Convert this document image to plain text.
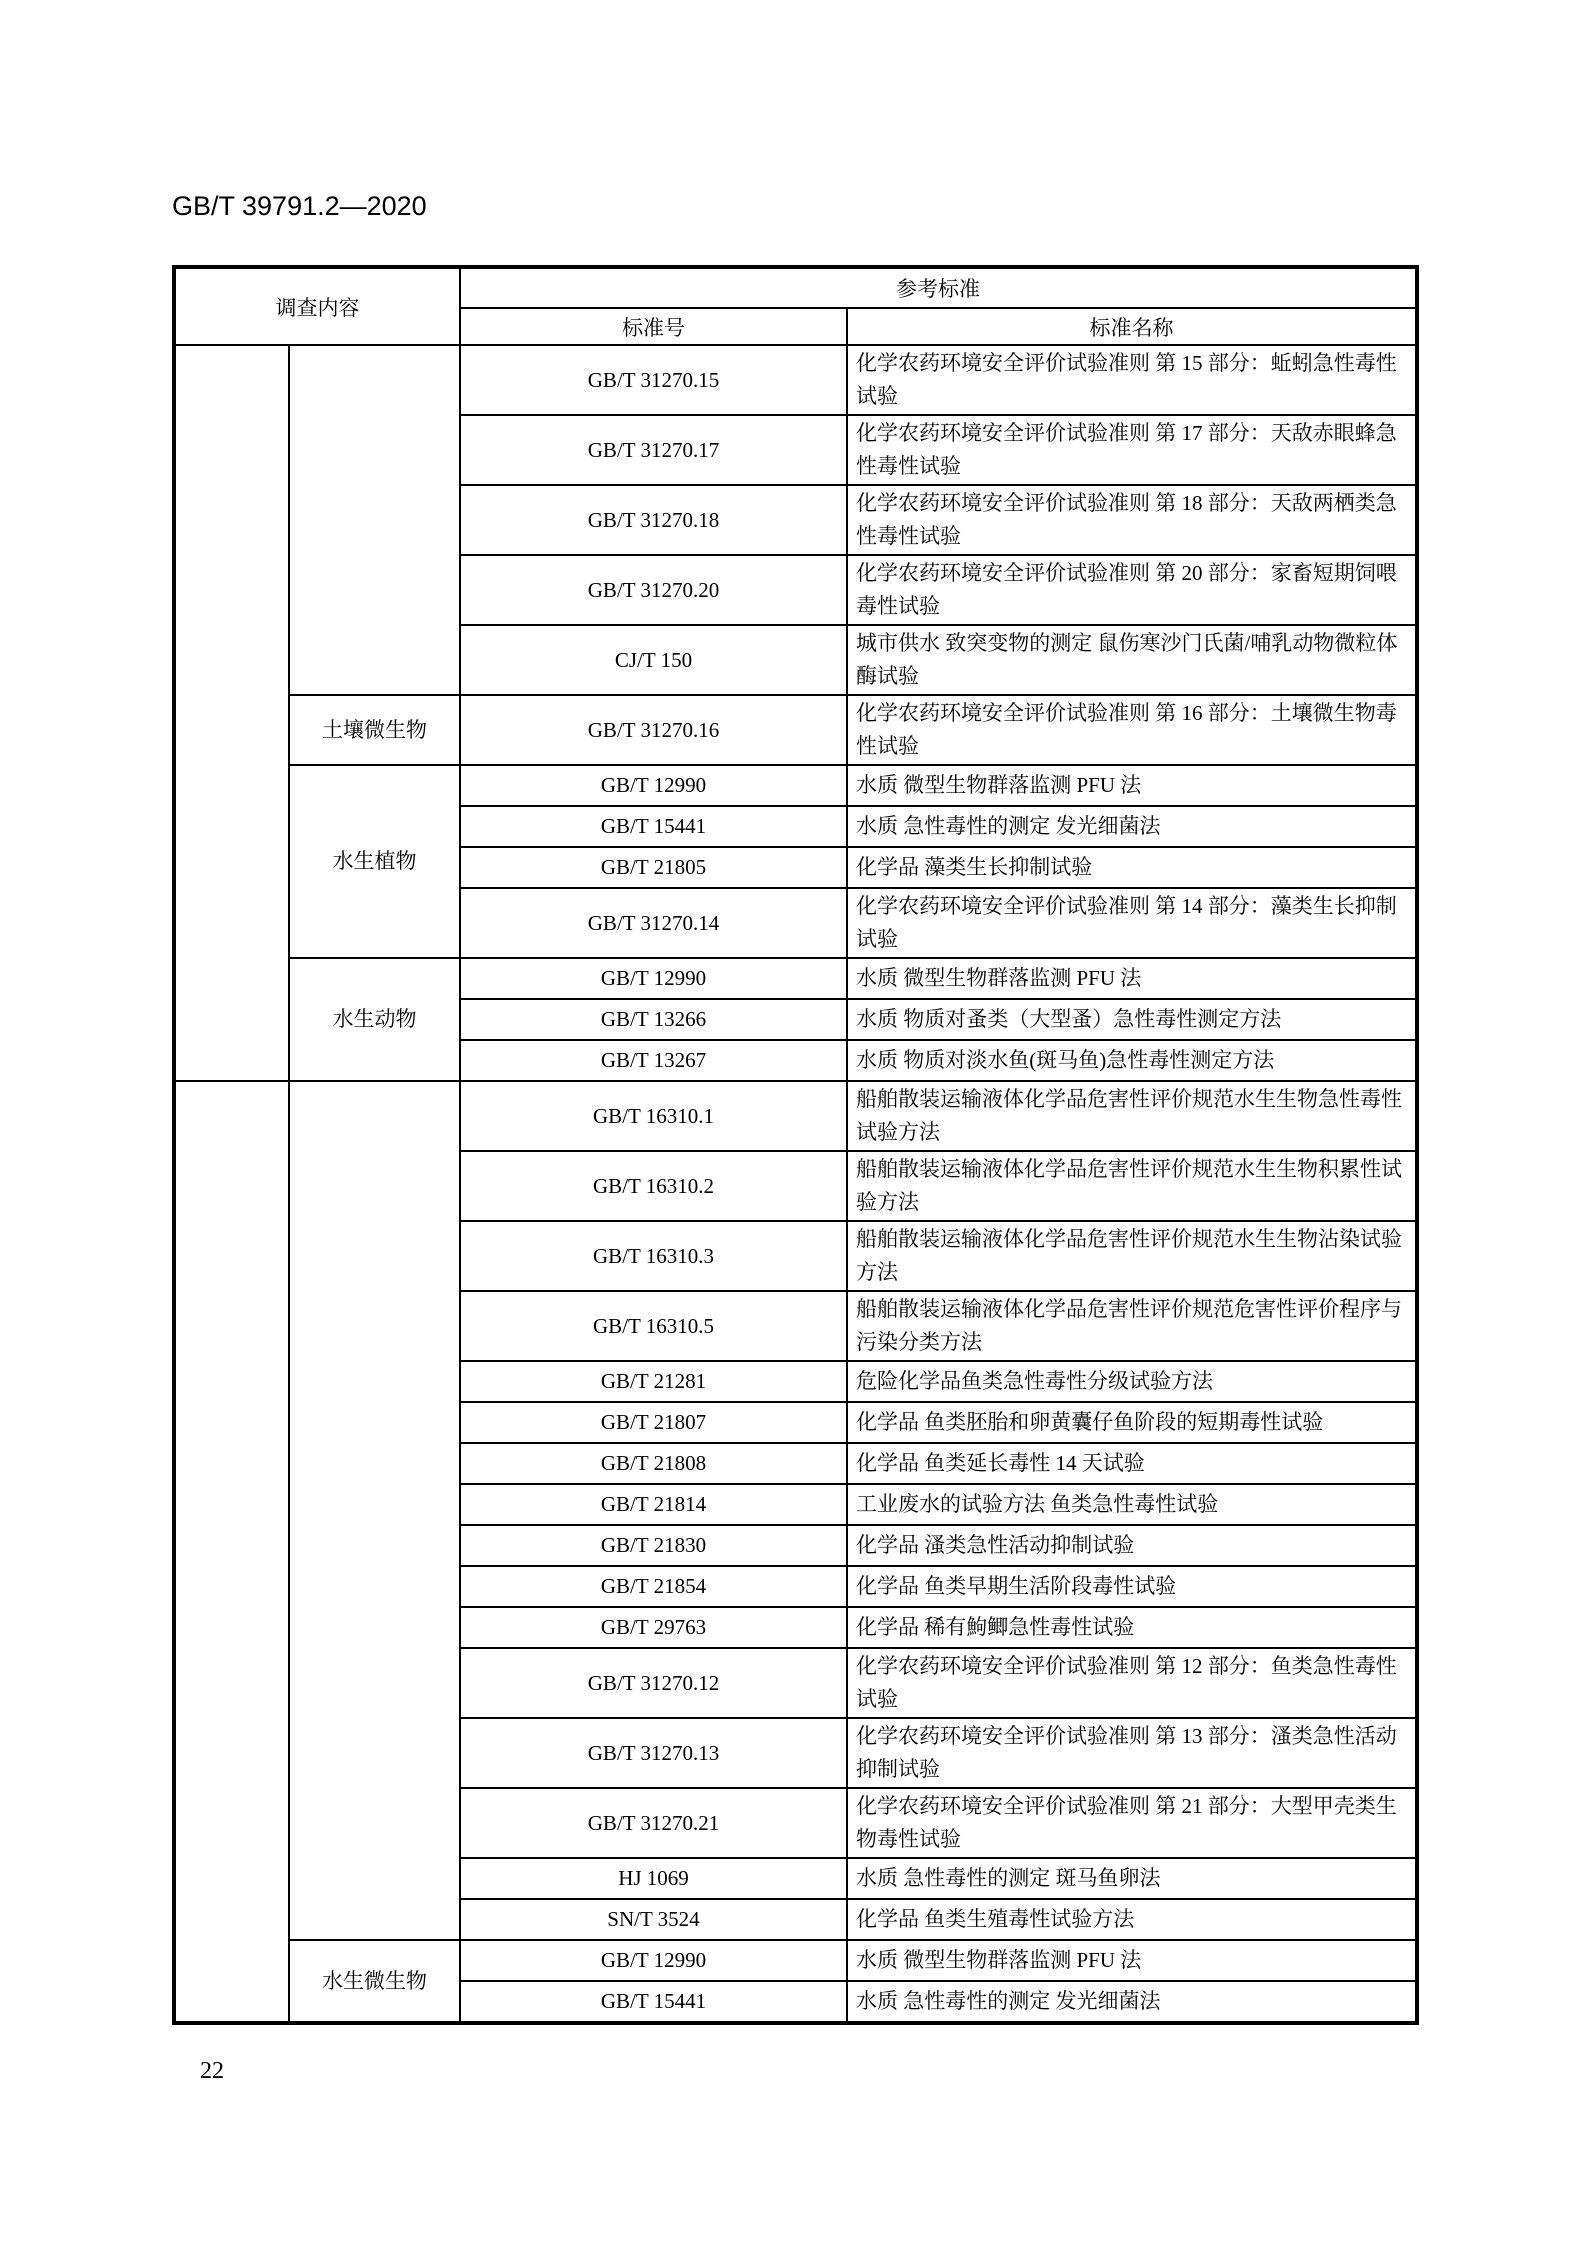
GB/T 39791.2—2020
调查内容		参考标准	
		标准号	标准名称
		GB/T 31270.15	化学农药环境安全评价试验准则 第 15 部分：蚯蚓急性毒性试验
		GB/T 31270.17	化学农药环境安全评价试验准则 第 17 部分：天敌赤眼蜂急性毒性试验
		GB/T 31270.18	化学农药环境安全评价试验准则 第 18 部分：天敌两栖类急性毒性试验
		GB/T 31270.20	化学农药环境安全评价试验准则 第 20 部分：家畜短期饲喂毒性试验
		CJ/T 150	城市供水 致突变物的测定 鼠伤寒沙门氏菌/哺乳动物微粒体酶试验
	土壤微生物	GB/T 31270.16	化学农药环境安全评价试验准则 第 16 部分：土壤微生物毒性试验
	水生植物	GB/T 12990	水质 微型生物群落监测 PFU 法
		GB/T 15441	水质 急性毒性的测定 发光细菌法
		GB/T 21805	化学品 藻类生长抑制试验
		GB/T 31270.14	化学农药环境安全评价试验准则 第 14 部分：藻类生长抑制试验
	水生动物	GB/T 12990	水质 微型生物群落监测 PFU 法
		GB/T 13266	水质 物质对蚤类（大型蚤）急性毒性测定方法
		GB/T 13267	水质 物质对淡水鱼(斑马鱼)急性毒性测定方法
		GB/T 16310.1	船舶散装运输液体化学品危害性评价规范水生生物急性毒性试验方法
		GB/T 16310.2	船舶散装运输液体化学品危害性评价规范水生生物积累性试验方法
		GB/T 16310.3	船舶散装运输液体化学品危害性评价规范水生生物沾染试验方法
		GB/T 16310.5	船舶散装运输液体化学品危害性评价规范危害性评价程序与污染分类方法
		GB/T 21281	危险化学品鱼类急性毒性分级试验方法
		GB/T 21807	化学品 鱼类胚胎和卵黄囊仔鱼阶段的短期毒性试验
		GB/T 21808	化学品 鱼类延长毒性 14 天试验
		GB/T 21814	工业废水的试验方法 鱼类急性毒性试验
		GB/T 21830	化学品 溞类急性活动抑制试验
		GB/T 21854	化学品 鱼类早期生活阶段毒性试验
		GB/T 29763	化学品 稀有鮈鲫急性毒性试验
		GB/T 31270.12	化学农药环境安全评价试验准则 第 12 部分：鱼类急性毒性试验
		GB/T 31270.13	化学农药环境安全评价试验准则 第 13 部分：溞类急性活动抑制试验
		GB/T 31270.21	化学农药环境安全评价试验准则 第 21 部分：大型甲壳类生物毒性试验
		HJ 1069	水质 急性毒性的测定 斑马鱼卵法
		SN/T 3524	化学品 鱼类生殖毒性试验方法
	水生微生物	GB/T 12990	水质 微型生物群落监测 PFU 法
		GB/T 15441	水质 急性毒性的测定 发光细菌法
22
